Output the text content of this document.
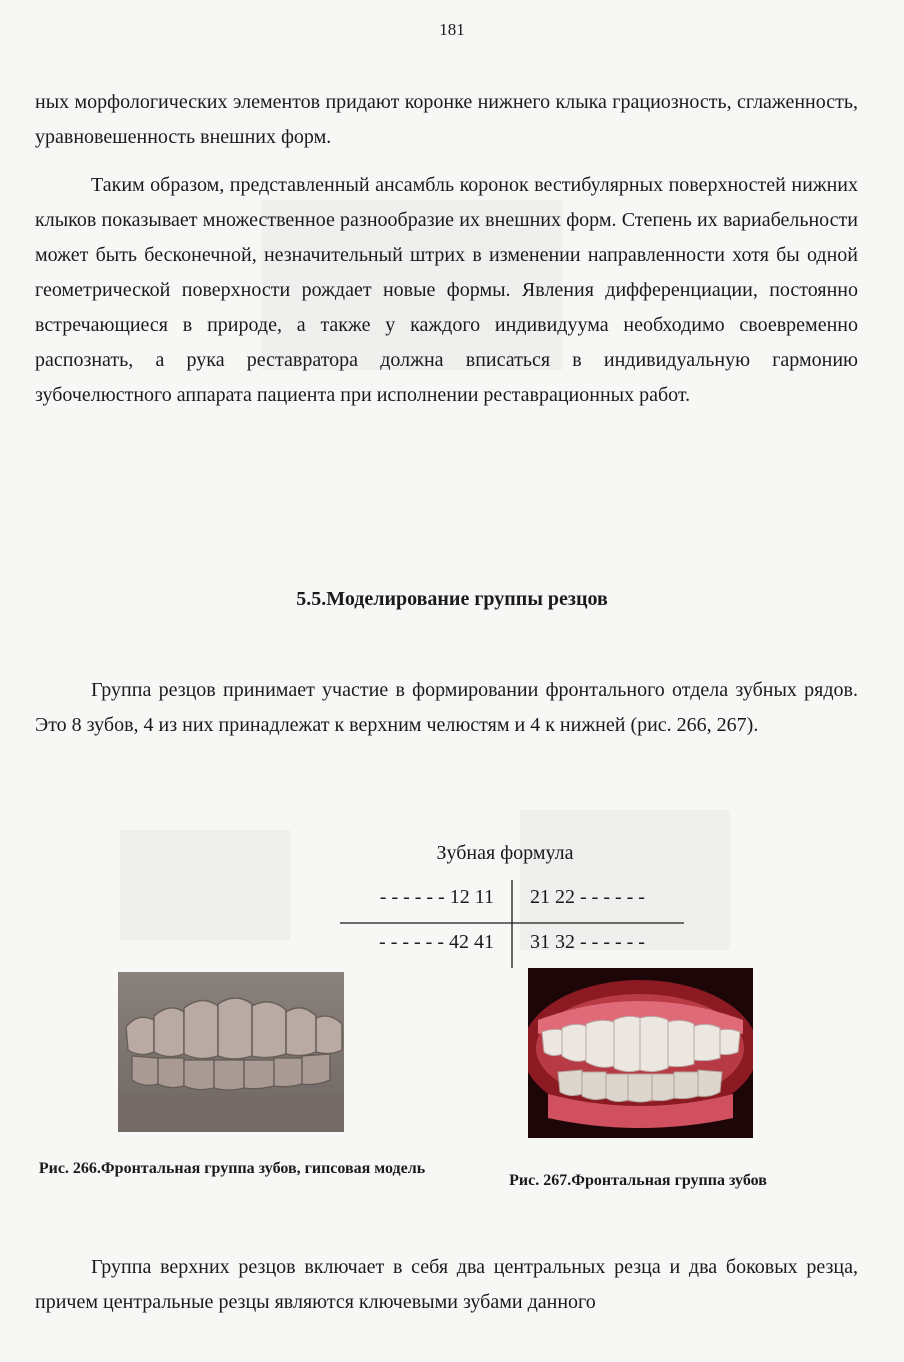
181

ных морфологических элементов придают коронке нижнего клыка грациозность, сглаженность, уравновешенность внешних форм.

Таким образом, представленный ансамбль коронок вестибулярных поверхностей нижних клыков показывает множественное разнообразие их внешних форм. Степень их вариабельности может быть бесконечной, незначительный штрих в изменении направленности хотя бы одной геометрической поверхности рождает новые формы. Явления дифференциации, постоянно встречающиеся в природе, а также у каждого индивидуума необходимо своевременно распознать, а рука реставратора должна вписаться в индивидуальную гармонию зубочелюстного аппарата пациента при исполнении реставрационных работ.

5.5.Моделирование группы резцов

Группа резцов принимает участие в формировании фронтального отдела зубных рядов. Это 8 зубов, 4 из них принадлежат к верхним челюстям и 4 к нижней (рис. 266, 267).

Зубная формула
- - - - - - 12 11 21 22 - - - - - -
- - - - - - 42 41 31 32 - - - - - -
Рис. 266.Фронтальная группа зубов, гипсовая модель
Рис. 267.Фронтальная группа зубов

Группа верхних резцов включает в себя два центральных резца и два боковых резца, причем центральные резцы являются ключевыми зубами данного
